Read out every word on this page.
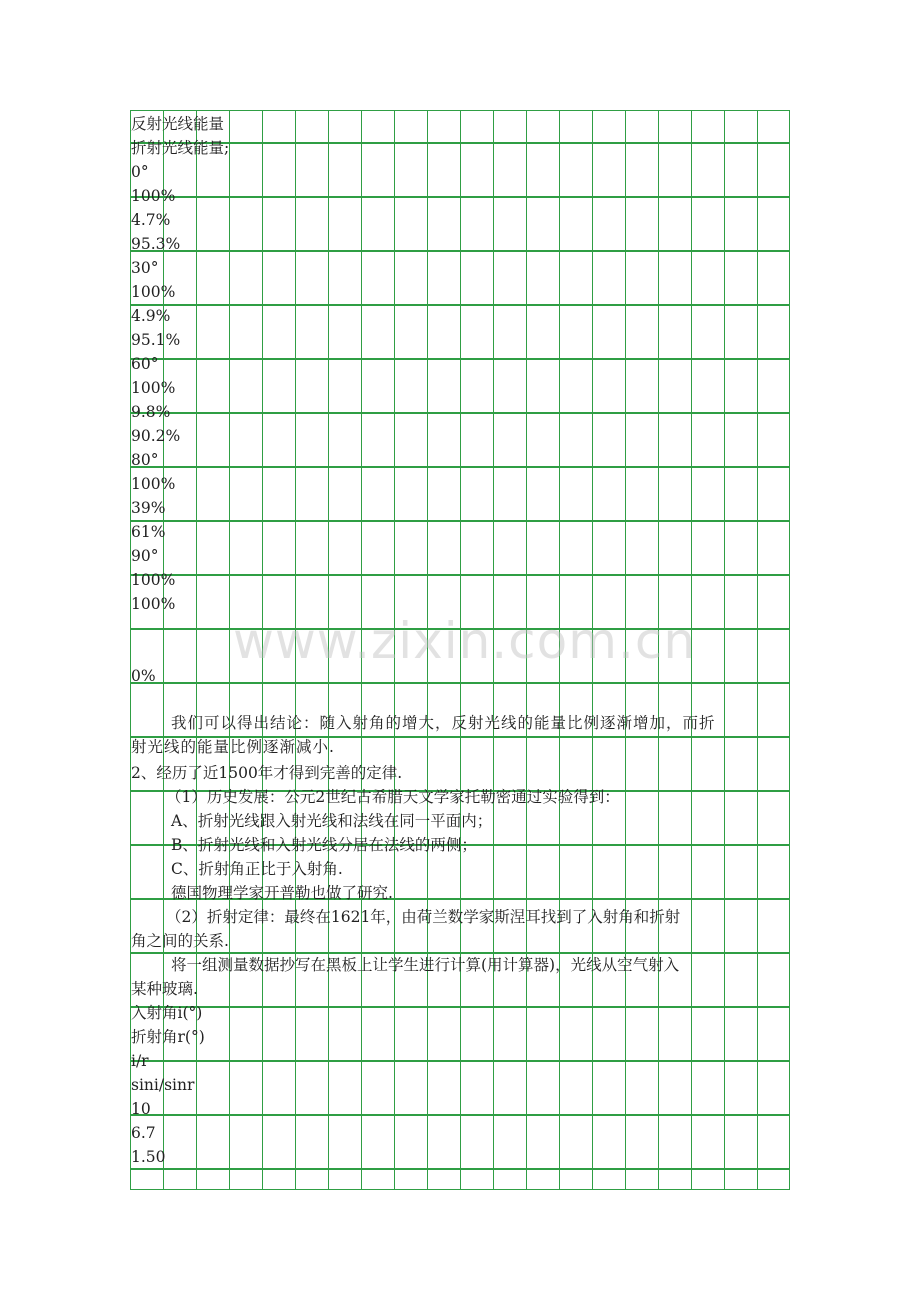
www.zixin.com.cn
反射光线能量
折射光线能量;
0°
100%
4.7%
95.3%
30°
100%
4.9%
95.1%
60°
100%
9.8%
90.2%
80°
100%
39%
61%
90°
100%
100%
0%
我们可以得出结论：随入射角的增大，反射光线的能量比例逐渐增加，而折
射光线的能量比例逐渐减小.
2、经历了近1500年才得到完善的定律.
（1）历史发展：公元2世纪古希腊天文学家托勒密通过实验得到：
A、折射光线跟入射光线和法线在同一平面内；
B、折射光线和入射光线分居在法线的两侧；
C、折射角正比于入射角.
德国物理学家开普勒也做了研究.
（2）折射定律：最终在1621年，由荷兰数学家斯涅耳找到了入射角和折射
角之间的关系.
将一组测量数据抄写在黑板上让学生进行计算(用计算器)，光线从空气射入
某种玻璃.
入射角i(°)
折射角r(°)
i/r
sini/sinr
10
6.7
1.50
